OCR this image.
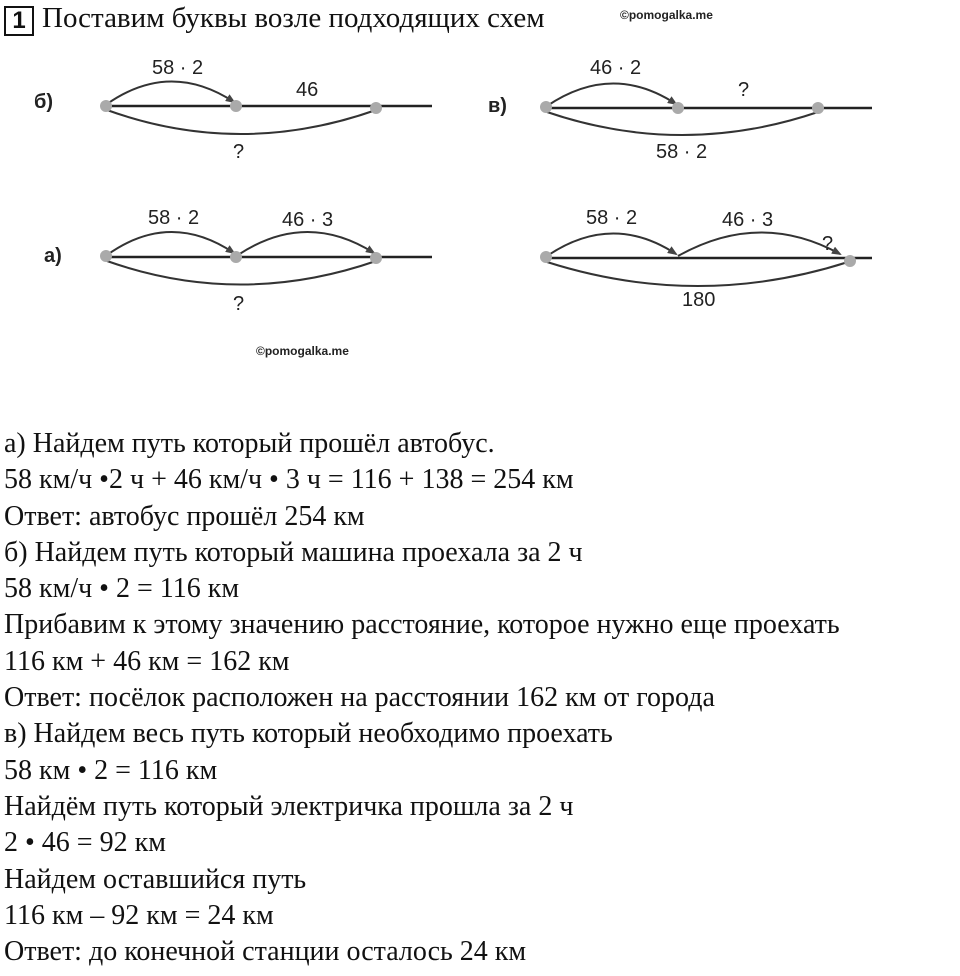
1 Поставим буквы возле подходящих схем	©pomogalka.me
б)
58 · 2
46
?
в)
46 · 2
?
58 · 2
а)
58 · 2	46 · 3
?
58 · 2	46 · 3
?
180
©pomogalka.me
а) Найдем путь который прошёл автобус.
58 км/ч •2 ч + 46 км/ч • 3 ч = 116 + 138 = 254 км
Ответ: автобус прошёл 254 км
б) Найдем путь который машина проехала за 2 ч
58 км/ч • 2 = 116 км
Прибавим к этому значению расстояние, которое нужно еще проехать
116 км + 46 км = 162 км
Ответ: посёлок расположен на расстоянии 162 км от города
в) Найдем весь путь который необходимо проехать
58 км • 2 = 116 км
Найдём путь который электричка прошла за 2 ч
2 • 46 = 92 км
Найдем оставшийся путь
116 км – 92 км = 24 км
Ответ: до конечной станции осталось 24 км
